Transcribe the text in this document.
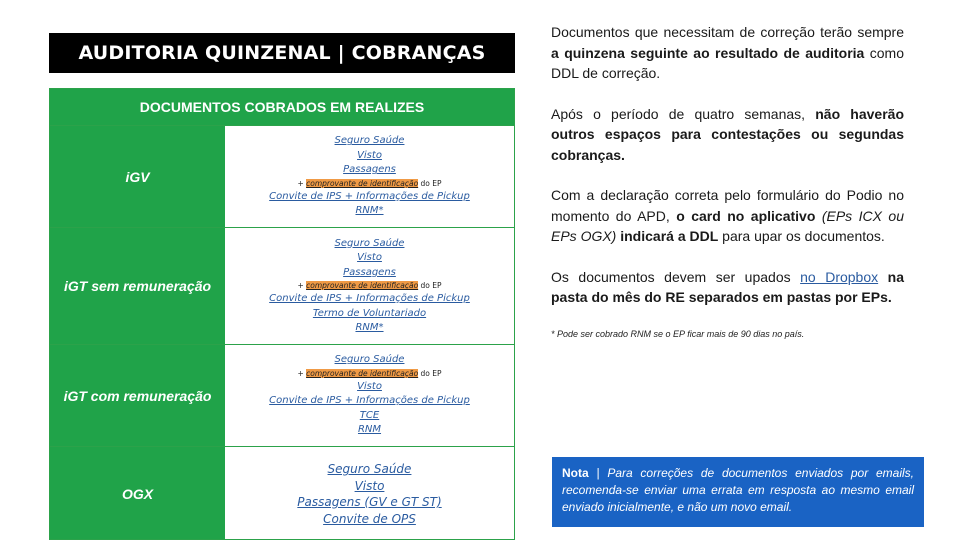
AUDITORIA QUINZENAL | COBRANÇAS
DOCUMENTOS COBRADOS EM REALIZES
iGV
Seguro Saúde
Visto
Passagens
+ comprovante de identificação do EP
Convite de IPS + Informações de Pickup
RNM*
iGT sem remuneração
Seguro Saúde
Visto
Passagens
+ comprovante de identificação do EP
Convite de IPS + Informações de Pickup
Termo de Voluntariado
RNM*
iGT com remuneração
Seguro Saúde
+ comprovante de identificação do EP
Visto
Convite de IPS + Informações de Pickup
TCE
RNM
OGX
Seguro Saúde
Visto
Passagens (GV e GT ST)
Convite de OPS

Documentos que necessitam de correção terão sempre a quinzena seguinte ao resultado de auditoria como DDL de correção.

Após o período de quatro semanas, não haverão outros espaços para contestações ou segundas cobranças.

Com a declaração correta pelo formulário do Podio no momento do APD, o card no aplicativo (EPs ICX ou EPs OGX) indicará a DDL para upar os documentos.

Os documentos devem ser upados no Dropbox na pasta do mês do RE separados em pastas por EPs.

* Pode ser cobrado RNM se o EP ficar mais de 90 dias no país.
Nota | Para correções de documentos enviados por emails, recomenda-se enviar uma errata em resposta ao mesmo email enviado inicialmente, e não um novo email.
